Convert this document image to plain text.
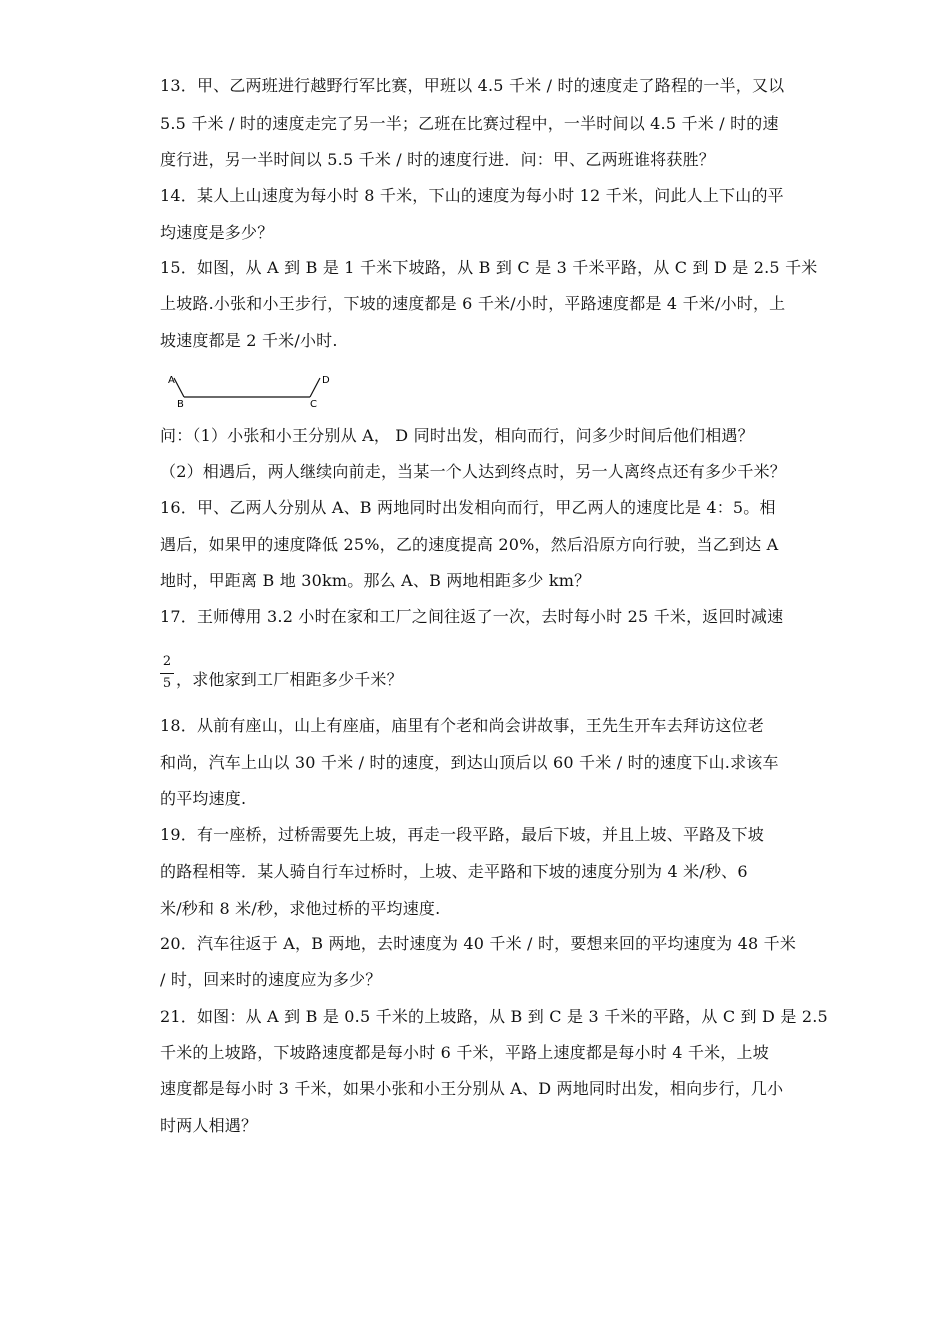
13．甲、乙两班进行越野行军比赛，甲班以 4.5 千米 / 时的速度走了路程的一半，又以
5.5 千米 / 时的速度走完了另一半；乙班在比赛过程中，一半时间以 4.5 千米 / 时的速
度行进，另一半时间以 5.5 千米 / 时的速度行进．问：甲、乙两班谁将获胜？
14．某人上山速度为每小时 8 千米，下山的速度为每小时 12 千米，问此人上下山的平
均速度是多少？
15．如图，从 A 到 B 是 1 千米下坡路，从 B 到 C 是 3 千米平路，从 C 到 D 是 2.5 千米
上坡路.小张和小王步行，下坡的速度都是 6 千米/小时，平路速度都是 4 千米/小时，上
坡速度都是 2 千米/小时.
A
B	C
D
问：（1）小张和小王分别从 A， D 同时出发，相向而行，问多少时间后他们相遇？
（2）相遇后，两人继续向前走，当某一个人达到终点时，另一人离终点还有多少千米？
16．甲、乙两人分别从 A、B 两地同时出发相向而行，甲乙两人的速度比是 4：5。相
遇后，如果甲的速度降低 25%，乙的速度提高 20%，然后沿原方向行驶，当乙到达 A
地时，甲距离 B 地 30km。那么 A、B 两地相距多少 km？
17．王师傅用 3.2 小时在家和工厂之间往返了一次，去时每小时 25 千米，返回时减速
2
5 ，求他家到工厂相距多少千米？
18．从前有座山，山上有座庙，庙里有个老和尚会讲故事，王先生开车去拜访这位老
和尚，汽车上山以 30 千米 / 时的速度，到达山顶后以 60 千米 / 时的速度下山.求该车
的平均速度.
19．有一座桥，过桥需要先上坡，再走一段平路，最后下坡，并且上坡、平路及下坡
的路程相等．某人骑自行车过桥时，上坡、走平路和下坡的速度分别为 4 米/秒、6
米/秒和 8 米/秒，求他过桥的平均速度.
20．汽车往返于 A，B 两地，去时速度为 40 千米 / 时，要想来回的平均速度为 48 千米
/ 时，回来时的速度应为多少？
21．如图：从 A 到 B 是 0.5 千米的上坡路，从 B 到 C 是 3 千米的平路，从 C 到 D 是 2.5
千米的上坡路，下坡路速度都是每小时 6 千米，平路上速度都是每小时 4 千米，上坡
速度都是每小时 3 千米，如果小张和小王分别从 A、D 两地同时出发，相向步行，几小
时两人相遇？
